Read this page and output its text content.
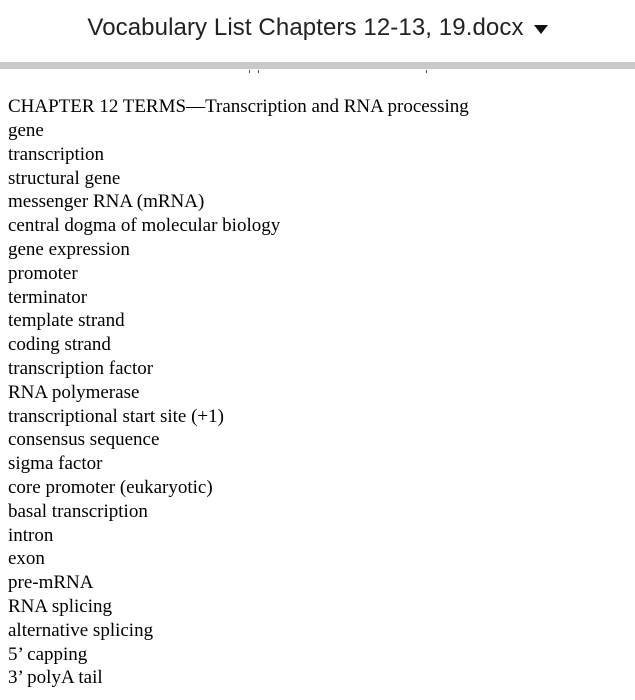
Vocabulary List Chapters 12-13, 19.docx
CHAPTER 12 TERMS—Transcription and RNA processing
gene
transcription
structural gene
messenger RNA (mRNA)
central dogma of molecular biology
gene expression
promoter
terminator
template strand
coding strand
transcription factor
RNA polymerase
transcriptional start site (+1)
consensus sequence
sigma factor
core promoter (eukaryotic)
basal transcription
intron
exon
pre-mRNA
RNA splicing
alternative splicing
5’ capping
3’ polyA tail
